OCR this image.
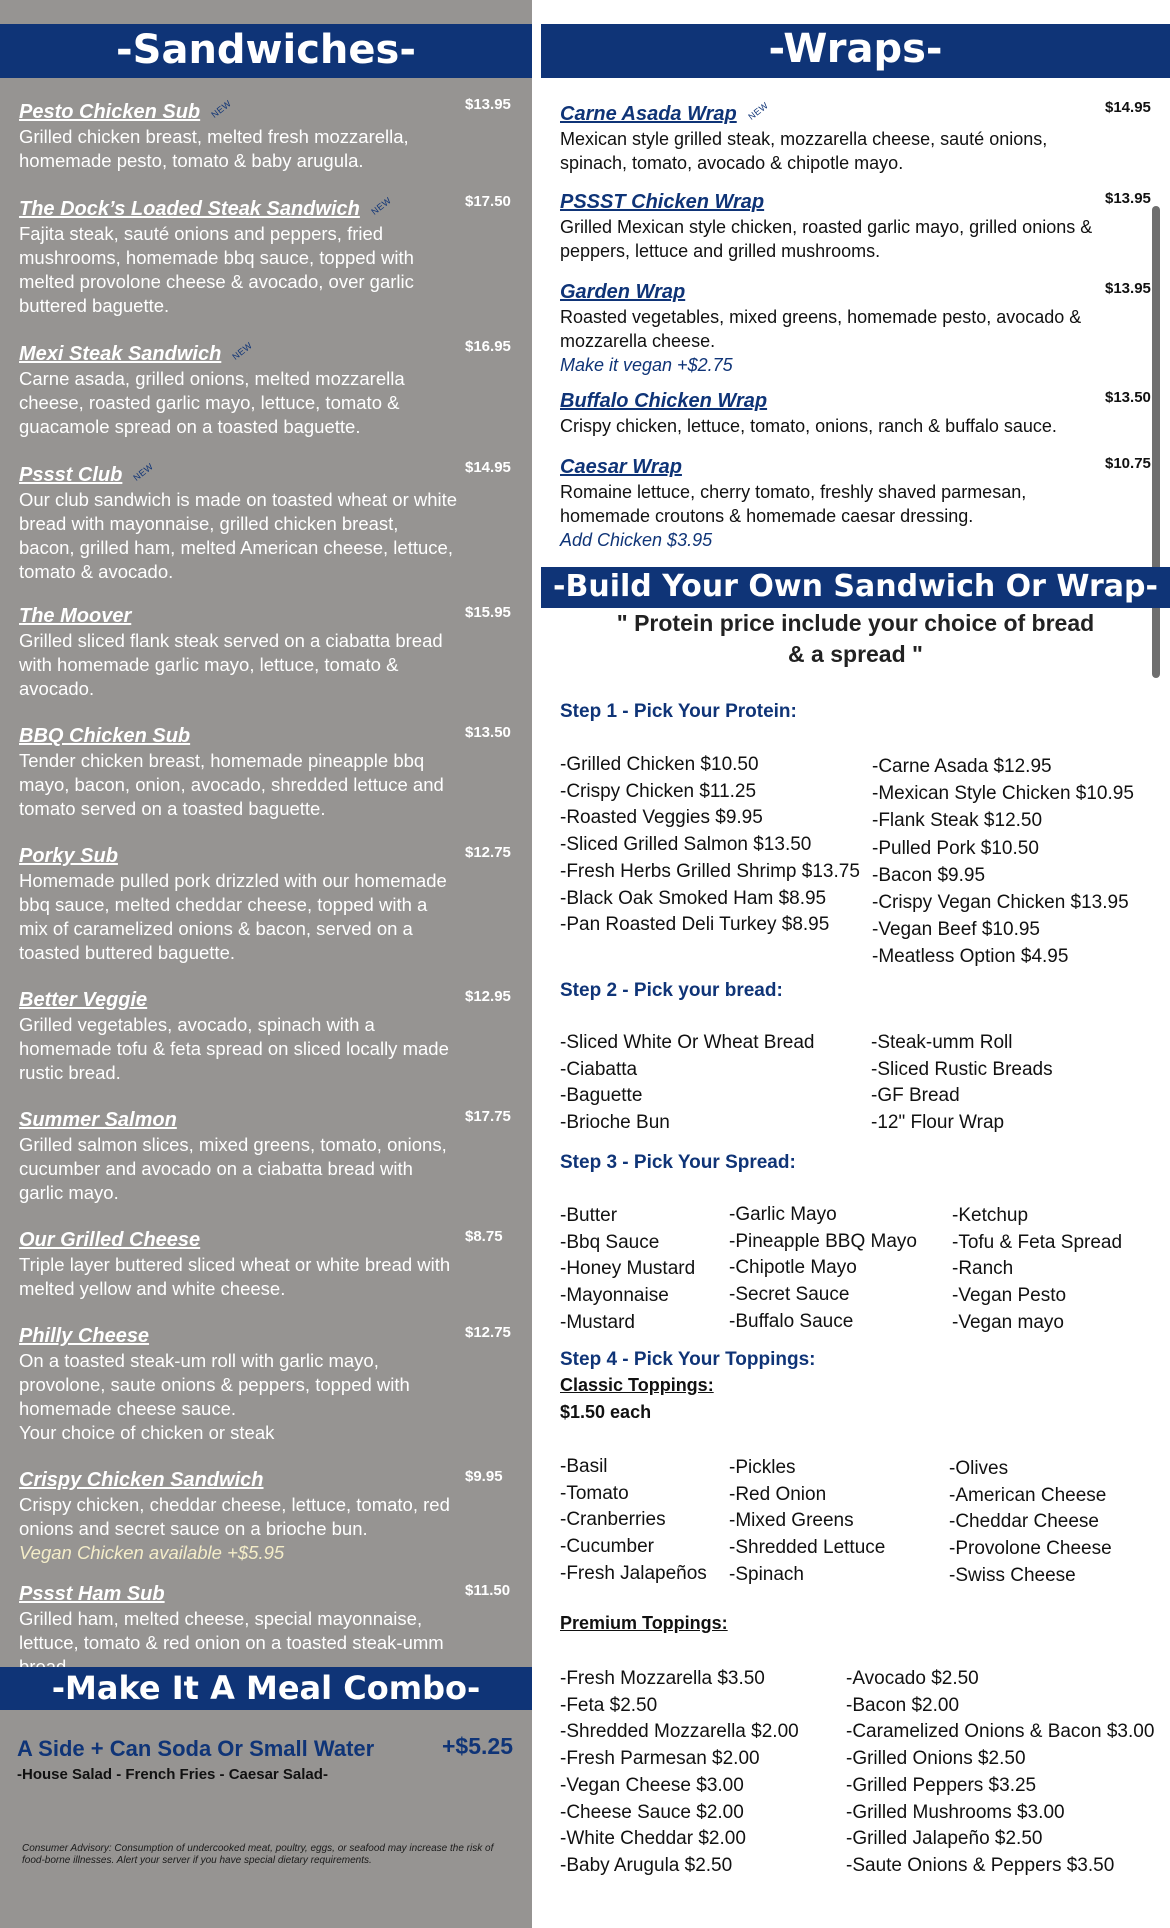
-Sandwiches-
Pesto Chicken Sub NEW
Grilled chicken breast, melted fresh mozzarella, homemade pesto, tomato & baby arugula.
$13.95
The Dock’s Loaded Steak Sandwich NEW
Fajita steak, sauté onions and peppers, fried mushrooms, homemade bbq sauce, topped with melted provolone cheese & avocado, over garlic buttered baguette.
$17.50
Mexi Steak Sandwich NEW
Carne asada, grilled onions, melted mozzarella cheese, roasted garlic mayo, lettuce, tomato & guacamole spread on a toasted baguette.
$16.95
Pssst Club NEW
Our club sandwich is made on toasted wheat or white bread with mayonnaise, grilled chicken breast, bacon, grilled ham, melted American cheese, lettuce, tomato & avocado.
$14.95
The Moover
Grilled sliced flank steak served on a ciabatta bread with homemade garlic mayo, lettuce, tomato & avocado.
$15.95
BBQ Chicken Sub
Tender chicken breast, homemade pineapple bbq mayo, bacon, onion, avocado, shredded lettuce and tomato served on a toasted baguette.
$13.50
Porky Sub
Homemade pulled pork drizzled with our homemade bbq sauce, melted cheddar cheese, topped with a mix of caramelized onions & bacon, served on a toasted buttered baguette.
$12.75
Better Veggie
Grilled vegetables, avocado, spinach with a homemade tofu & feta spread on sliced locally made rustic bread.
$12.95
Summer Salmon
Grilled salmon slices, mixed greens, tomato, onions, cucumber and avocado on a ciabatta bread with garlic mayo.
$17.75
Our Grilled Cheese
Triple layer buttered sliced wheat or white bread with melted yellow and white cheese.
$8.75
Philly Cheese
On a toasted steak-um roll with garlic mayo, provolone, saute onions & peppers, topped with homemade cheese sauce.
Your choice of chicken or steak
$12.75
Crispy Chicken Sandwich
Crispy chicken, cheddar cheese, lettuce, tomato, red onions and secret sauce on a brioche bun.
Vegan Chicken available +$5.95
$9.95
Pssst Ham Sub
Grilled ham, melted cheese, special mayonnaise, lettuce, tomato & red onion on a toasted steak-umm
$11.50
-Make It A Meal Combo-
A Side + Can Soda Or Small Water	+$5.25
-House Salad - French Fries - Caesar Salad-
Consumer Advisory: Consumption of undercooked meat, poultry, eggs, or seafood may increase the risk of food-borne illnesses. Alert your server if you have special dietary requirements.
-Wraps-
Carne Asada Wrap NEW
Mexican style grilled steak, mozzarella cheese, sauté onions, spinach, tomato, avocado & chipotle mayo.
$14.95
PSSST Chicken Wrap
Grilled Mexican style chicken, roasted garlic mayo, grilled onions & peppers, lettuce and grilled mushrooms.
$13.95
Garden Wrap
Roasted vegetables, mixed greens, homemade pesto, avocado & mozzarella cheese.
Make it vegan +$2.75
$13.95
Buffalo Chicken Wrap
Crispy chicken, lettuce, tomato, onions, ranch & buffalo sauce.
$13.50
Caesar Wrap
Romaine lettuce, cherry tomato, freshly shaved parmesan, homemade croutons & homemade caesar dressing.
Add Chicken $3.95
$10.75
-Build Your Own Sandwich Or Wrap-
" Protein price include your choice of bread
& a spread "
Step 1 - Pick Your Protein:
-Grilled Chicken $10.50
-Crispy Chicken $11.25
-Roasted Veggies $9.95
-Sliced Grilled Salmon $13.50
-Fresh Herbs Grilled Shrimp $13.75
-Black Oak Smoked Ham $8.95
-Pan Roasted Deli Turkey $8.95
-Carne Asada $12.95
-Mexican Style Chicken $10.95
-Flank Steak $12.50
-Pulled Pork $10.50
-Bacon $9.95
-Crispy Vegan Chicken $13.95
-Vegan Beef $10.95
-Meatless Option $4.95
Step 2 - Pick your bread:
-Sliced White Or Wheat Bread
-Ciabatta
-Baguette
-Brioche Bun
-Steak-umm Roll
-Sliced Rustic Breads
-GF Bread
-12" Flour Wrap
Step 3 - Pick Your Spread:
-Butter
-Bbq Sauce
-Honey Mustard
-Mayonnaise
-Mustard
-Garlic Mayo
-Pineapple BBQ Mayo
-Chipotle Mayo
-Secret Sauce
-Buffalo Sauce
-Ketchup
-Tofu & Feta Spread
-Ranch
-Vegan Pesto
-Vegan mayo
Step 4 - Pick Your Toppings:
Classic Toppings:
$1.50 each
-Basil
-Tomato
-Cranberries
-Cucumber
-Fresh Jalapeños
-Pickles
-Red Onion
-Mixed Greens
-Shredded Lettuce
-Spinach
-Olives
-American Cheese
-Cheddar Cheese
-Provolone Cheese
-Swiss Cheese
Premium Toppings:
-Fresh Mozzarella $3.50
-Feta $2.50
-Shredded Mozzarella $2.00
-Fresh Parmesan $2.00
-Vegan Cheese $3.00
-Cheese Sauce $2.00
-White Cheddar $2.00
-Baby Arugula $2.50
-Avocado $2.50
-Bacon $2.00
-Caramelized Onions & Bacon $3.00
-Grilled Onions $2.50
-Grilled Peppers $3.25
-Grilled Mushrooms $3.00
-Grilled Jalapeño $2.50
-Saute Onions & Peppers $3.50
